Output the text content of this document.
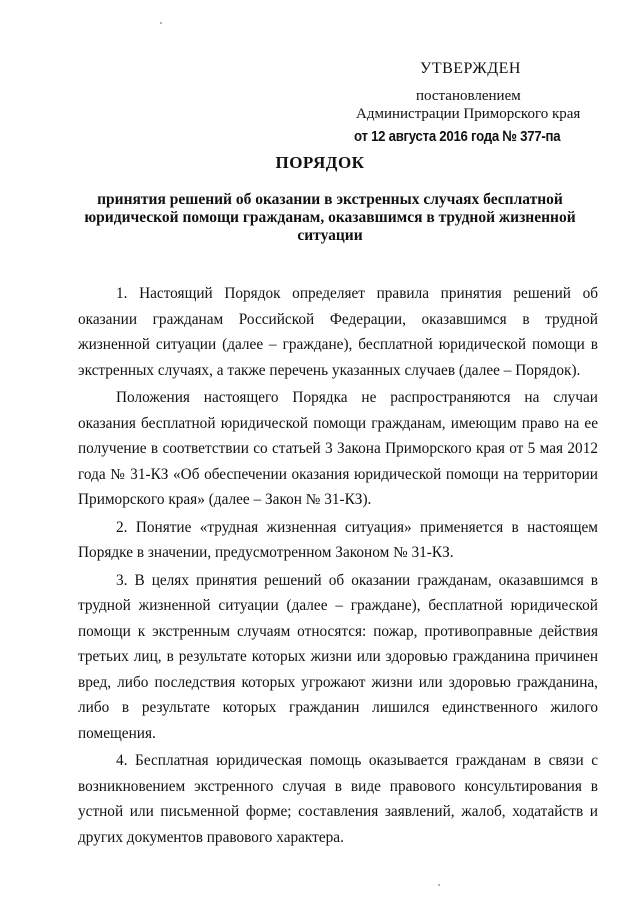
УТВЕРЖДЕН
постановлением
Администрации Приморского края
от 12 августа 2016 года № 377-па
ПОРЯДОК
принятия решений об оказании в экстренных случаях бесплатной юридической помощи гражданам, оказавшимся в трудной жизненной ситуации

1. Настоящий Порядок определяет правила принятия решений об оказании гражданам Российской Федерации, оказавшимся в трудной жизненной ситуации (далее – граждане), бесплатной юридической помощи в экстренных случаях, а также перечень указанных случаев (далее – Порядок).

Положения настоящего Порядка не распространяются на случаи оказания бесплатной юридической помощи гражданам, имеющим право на ее получение в соответствии со статьей 3 Закона Приморского края от 5 мая 2012 года № 31-КЗ «Об обеспечении оказания юридической помощи на территории Приморского края» (далее – Закон № 31-КЗ).

2. Понятие «трудная жизненная ситуация» применяется в настоящем Порядке в значении, предусмотренном Законом № 31-КЗ.

3. В целях принятия решений об оказании гражданам, оказавшимся в трудной жизненной ситуации (далее – граждане), бесплатной юридической помощи к экстренным случаям относятся: пожар, противоправные действия третьих лиц, в результате которых жизни или здоровью гражданина причинен вред, либо последствия которых угрожают жизни или здоровью гражданина, либо в результате которых гражданин лишился единственного жилого помещения.

4. Бесплатная юридическая помощь оказывается гражданам в связи с возникновением экстренного случая в виде правового консультирования в устной или письменной форме; составления заявлений, жалоб, ходатайств и других документов правового характера.
